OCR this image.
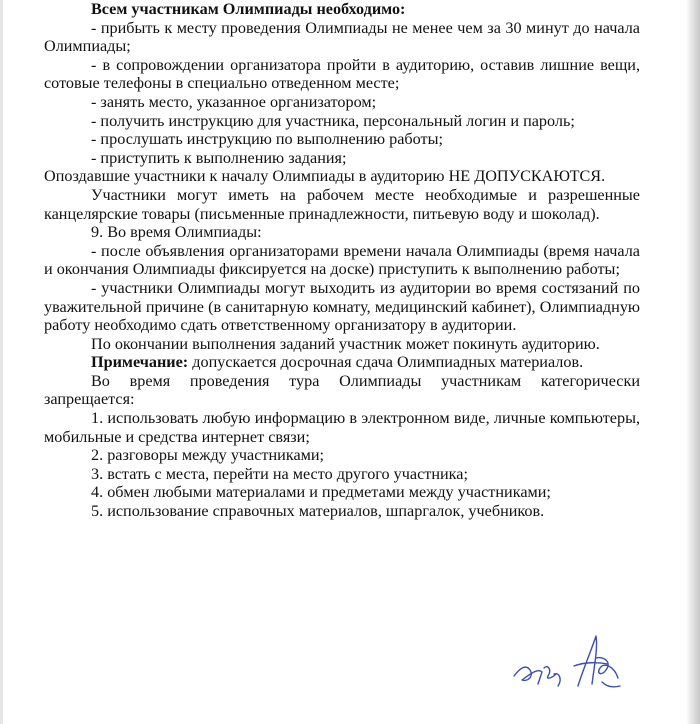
Всем участникам Олимпиады необходимо:

- прибыть к месту проведения Олимпиады не менее чем за 30 минут до начала Олимпиады;

- в сопровождении организатора пройти в аудиторию, оставив лишние вещи, сотовые телефоны в специально отведенном месте;

- занять место, указанное организатором;

- получить инструкцию для участника, персональный логин и пароль;

- прослушать инструкцию по выполнению работы;

- приступить к выполнению задания;

Опоздавшие участники к началу Олимпиады в аудиторию НЕ ДОПУСКАЮТСЯ.

Участники могут иметь на рабочем месте необходимые и разрешенные канцелярские товары (письменные принадлежности, питьевую воду и шоколад).

9. Во время Олимпиады:

- после объявления организаторами времени начала Олимпиады (время начала и окончания Олимпиады фиксируется на доске) приступить к выполнению работы;

- участники Олимпиады могут выходить из аудитории во время состязаний по уважительной причине (в санитарную комнату, медицинский кабинет), Олимпиадную работу необходимо сдать ответственному организатору в аудитории.

По окончании выполнения заданий участник может покинуть аудиторию.

Примечание: допускается досрочная сдача Олимпиадных материалов.

Во время проведения тура Олимпиады участникам категорически запрещается:

1. использовать любую информацию в электронном виде, личные компьютеры, мобильные и средства интернет связи;

2. разговоры между участниками;

3. встать с места, перейти на место другого участника;

4. обмен любыми материалами и предметами между участниками;

5. использование справочных материалов, шпаргалок, учебников.
